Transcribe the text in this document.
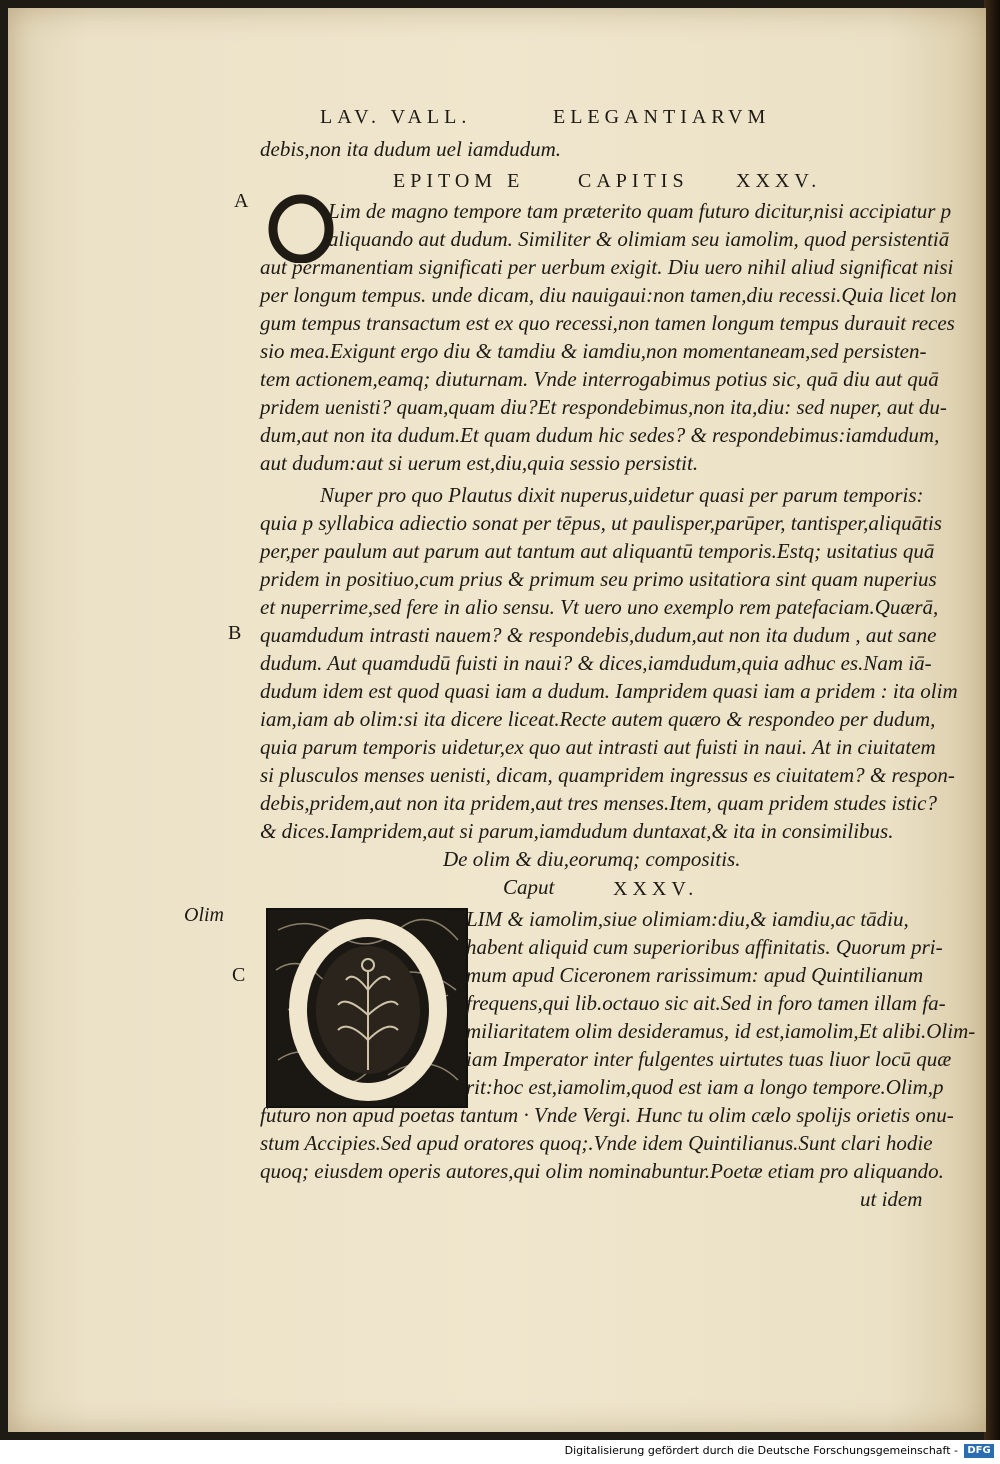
LAV. VALL.	ELEGANTIARVM
debis,non ita dudum uel iamdudum.
EPITOM E	CAPITIS XXXV.
Lim de magno tempore tam præterito quam futuro dicitur,nisi accipiatur p
aliquando aut dudum. Similiter & olimiam seu iamolim, quod persistentiā
aut permanentiam significati per uerbum exigit. Diu uero nihil aliud significat nisi
per longum tempus. unde dicam, diu nauigaui:non tamen,diu recessi.Quia licet lon
gum tempus transactum est ex quo recessi,non tamen longum tempus durauit reces
sio mea.Exigunt ergo diu & tamdiu & iamdiu,non momentaneam,sed persisten-
tem actionem,eamq; diuturnam. Vnde interrogabimus potius sic, quā diu aut quā
pridem uenisti? quam,quam diu?Et respondebimus,non ita,diu: sed nuper, aut du-
dum,aut non ita dudum.Et quam dudum hic sedes? & respondebimus:iamdudum,
aut dudum:aut si uerum est,diu,quia sessio persistit.
Nuper pro quo Plautus dixit nuperus,uidetur quasi per parum temporis:
quia p syllabica adiectio sonat per tēpus, ut paulisper,parūper, tantisper,aliquātis
per,per paulum aut parum aut tantum aut aliquantū temporis.Estq; usitatius quā
pridem in positiuo,cum prius & primum seu primo usitatiora sint quam nuperius
et nuperrime,sed fere in alio sensu. Vt uero uno exemplo rem patefaciam.Quærā,
quamdudum intrasti nauem? & respondebis,dudum,aut non ita dudum , aut sane
dudum. Aut quamdudū fuisti in naui? & dices,iamdudum,quia adhuc es.Nam iā-
dudum idem est quod quasi iam a dudum. Iampridem quasi iam a pridem : ita olim
iam,iam ab olim:si ita dicere liceat.Recte autem quæro & respondeo per dudum,
quia parum temporis uidetur,ex quo aut intrasti aut fuisti in naui. At in ciuitatem
si plusculos menses uenisti, dicam, quampridem ingressus es ciuitatem? & respon-
debis,pridem,aut non ita pridem,aut tres menses.Item, quam pridem studes istic?
& dices.Iampridem,aut si parum,iamdudum duntaxat,& ita in consimilibus.
De olim & diu,eorumq; compositis.
Caput	XXXV.
LIM & iamolim,siue olimiam:diu,& iamdiu,ac tādiu,
habent aliquid cum superioribus affinitatis. Quorum pri-
mum apud Ciceronem rarissimum: apud Quintilianum
frequens,qui lib.octauo sic ait.Sed in foro tamen illam fa-
miliaritatem olim desideramus, id est,iamolim,Et alibi.Olim-
iam Imperator inter fulgentes uirtutes tuas liuor locū quæ
rit:hoc est,iamolim,quod est iam a longo tempore.Olim,p
futuro non apud poetas tantum · Vnde Vergi. Hunc tu olim cælo spolijs orietis onu-
stum Accipies.Sed apud oratores quoq;.Vnde idem Quintilianus.Sunt clari hodie
quoq; eiusdem operis autores,qui olim nominabuntur.Poetæ etiam pro aliquando.
ut idem
A
B
Olim
C
Digitalisierung gefördert durch die Deutsche Forschungsgemeinschaft - DFG
